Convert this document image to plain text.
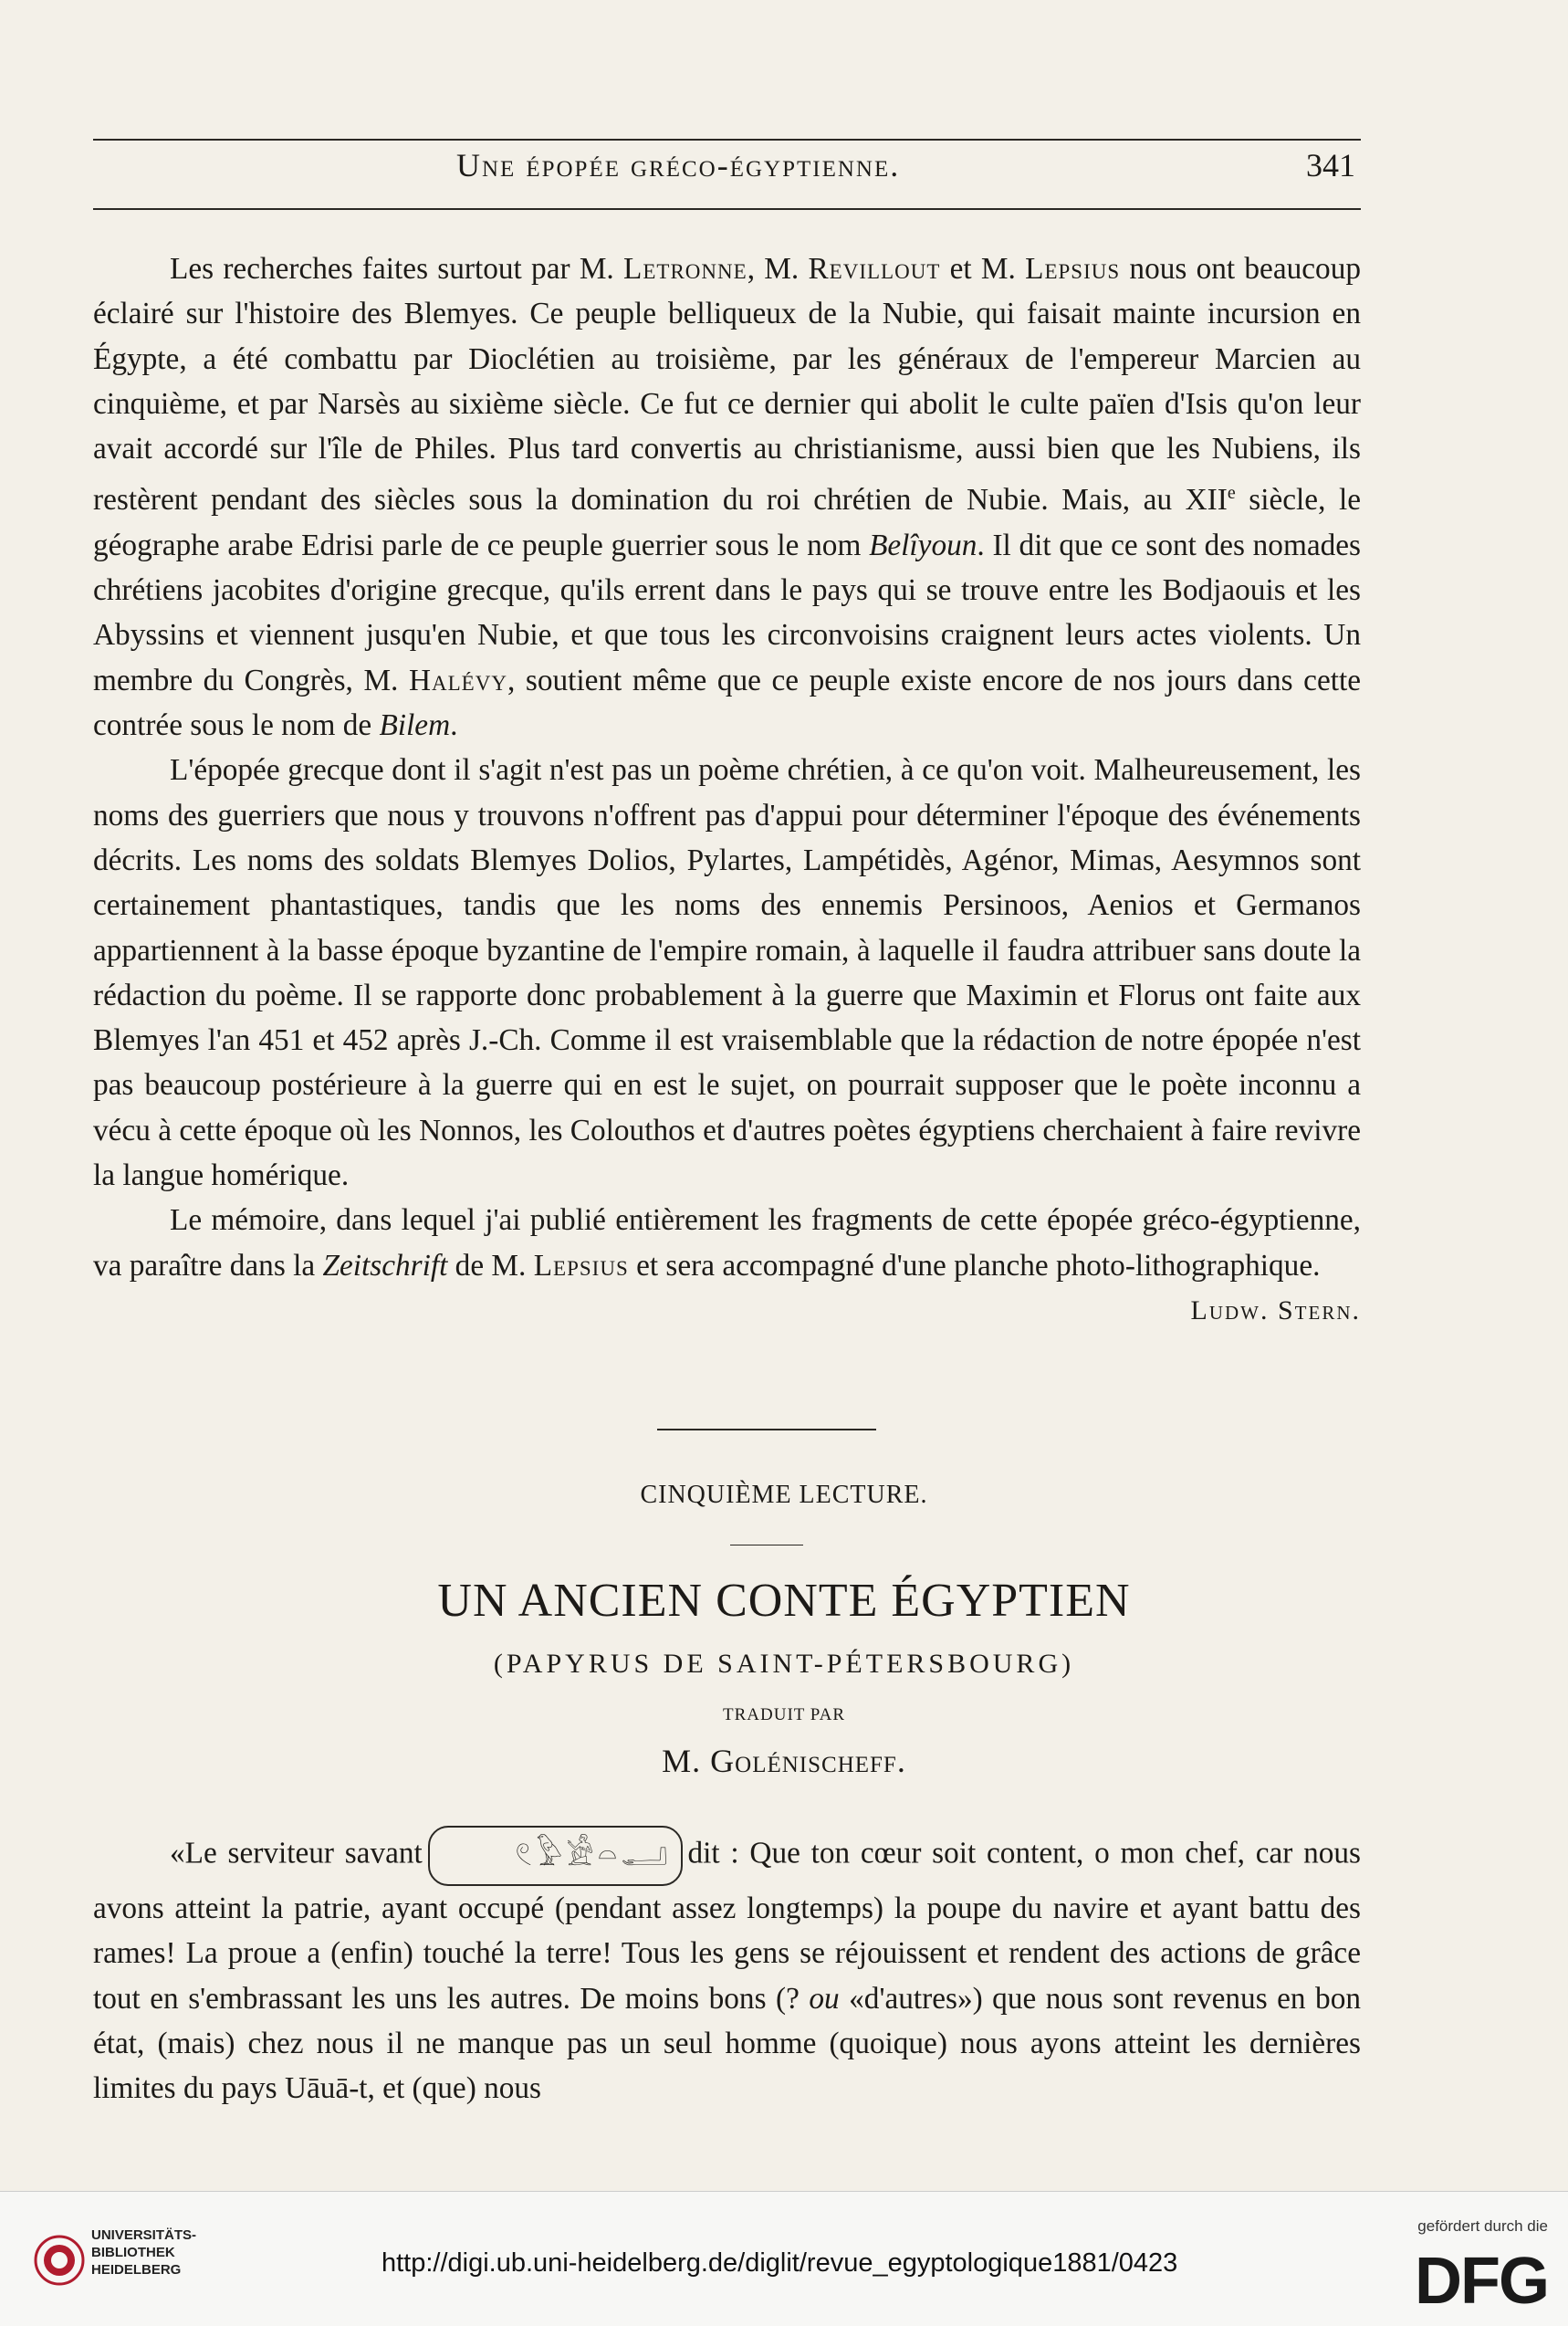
Une épopée gréco-égyptienne.	341

Les recherches faites surtout par M. Letronne, M. Revillout et M. Lepsius nous ont beaucoup éclairé sur l'histoire des Blemyes. Ce peuple belliqueux de la Nubie, qui faisait mainte incursion en Égypte, a été combattu par Dioclétien au troisième, par les généraux de l'empereur Marcien au cinquième, et par Narsès au sixième siècle. Ce fut ce dernier qui abolit le culte païen d'Isis qu'on leur avait accordé sur l'île de Philes. Plus tard convertis au christianisme, aussi bien que les Nubiens, ils restèrent pendant des siècles sous la domination du roi chrétien de Nubie. Mais, au XIIe siècle, le géographe arabe Edrisi parle de ce peuple guerrier sous le nom Belîyoun. Il dit que ce sont des nomades chrétiens jacobites d'origine grecque, qu'ils errent dans le pays qui se trouve entre les Bodjaouis et les Abyssins et viennent jusqu'en Nubie, et que tous les circonvoisins craignent leurs actes violents. Un membre du Congrès, M. Halévy, soutient même que ce peuple existe encore de nos jours dans cette contrée sous le nom de Bilem.

L'épopée grecque dont il s'agit n'est pas un poème chrétien, à ce qu'on voit. Malheureusement, les noms des guerriers que nous y trouvons n'offrent pas d'appui pour déterminer l'époque des événements décrits. Les noms des soldats Blemyes Dolios, Pylartes, Lampétidès, Agénor, Mimas, Aesymnos sont certainement phantastiques, tandis que les noms des ennemis Persinoos, Aenios et Germanos appartiennent à la basse époque byzantine de l'empire romain, à laquelle il faudra attribuer sans doute la rédaction du poème. Il se rapporte donc probablement à la guerre que Maximin et Florus ont faite aux Blemyes l'an 451 et 452 après J.-Ch. Comme il est vraisemblable que la rédaction de notre épopée n'est pas beaucoup postérieure à la guerre qui en est le sujet, on pourrait supposer que le poète inconnu a vécu à cette époque où les Nonnos, les Colouthos et d'autres poètes égyptiens cherchaient à faire revivre la langue homérique.

Le mémoire, dans lequel j'ai publié entièrement les fragments de cette épopée gréco-égyptienne, va paraître dans la Zeitschrift de M. Lepsius et sera accompagné d'une planche photo-lithographique.
Ludw. Stern.

CINQUIÈME LECTURE.
UN ANCIEN CONTE ÉGYPTIEN
(PAPYRUS DE SAINT-PÉTERSBOURG)
TRADUIT PAR
M. Golénischeff.

«Le serviteur savant	𓏲𓅱𓀀𓏏𓂝 dit : Que ton cœur soit content, o mon chef, car nous avons atteint la patrie, ayant occupé (pendant assez longtemps) la poupe du navire et ayant battu des rames! La proue a (enfin) touché la terre! Tous les gens se réjouissent et rendent des actions de grâce tout en s'embrassant les uns les autres. De moins bons (? ou «d'autres») que nous sont revenus en bon état, (mais) chez nous il ne manque pas un seul homme (quoique) nous ayons atteint les dernières limites du pays Uāuā-t, et (que) nous

UNIVERSITÄTS-
BIBLIOTHEK
HEIDELBERG	http://digi.ub.uni-heidelberg.de/diglit/revue_egyptologique1881/0423
gefördert durch die
DFG
